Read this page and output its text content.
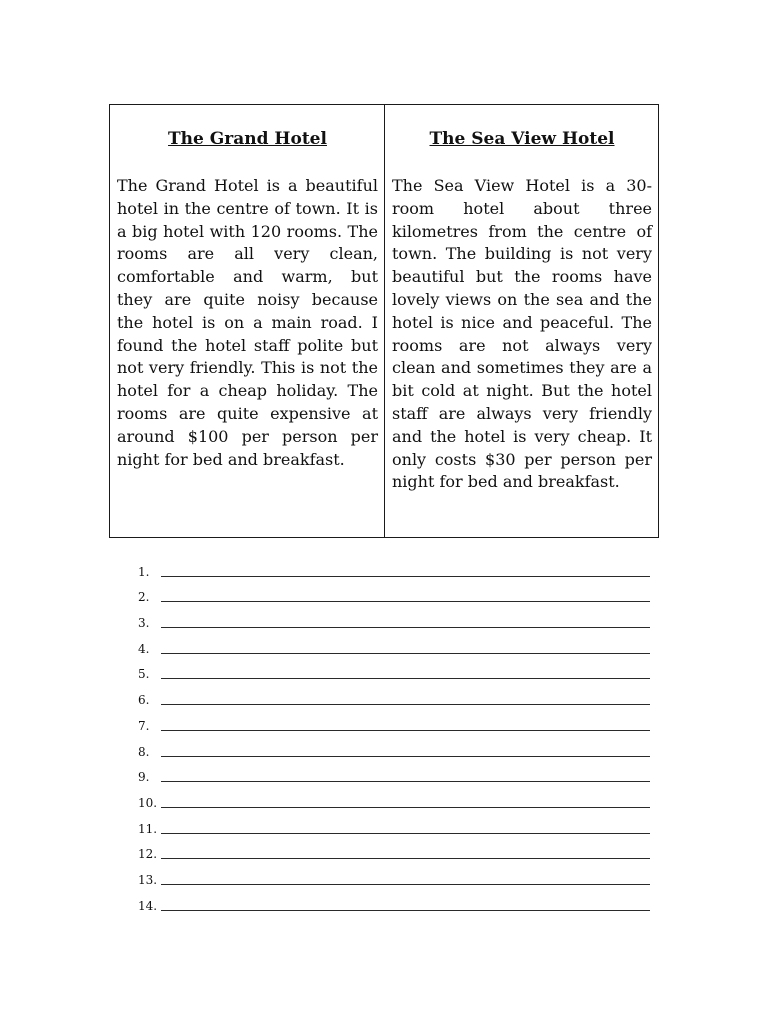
The Grand Hotel
The Grand Hotel is a beautiful hotel in the centre of town. It is a big hotel with 120 rooms. The rooms are all very clean, comfortable and warm, but they are quite noisy because the hotel is on a main road. I found the hotel staff polite but not very friendly. This is not the hotel for a cheap holiday. The rooms are quite expensive at around $100 per person per night for bed and breakfast.
The Sea View Hotel
The Sea View Hotel is a 30-room hotel about three kilometres from the centre of town. The building is not very beautiful but the rooms have lovely views on the sea and the hotel is nice and peaceful. The rooms are not always very clean and sometimes they are a bit cold at night. But the hotel staff are always very friendly and the hotel is very cheap. It only costs $30 per person per night for bed and breakfast.
1.
2.
3.
4.
5.
6.
7.
8.
9.
10.
11.
12.
13.
14.
